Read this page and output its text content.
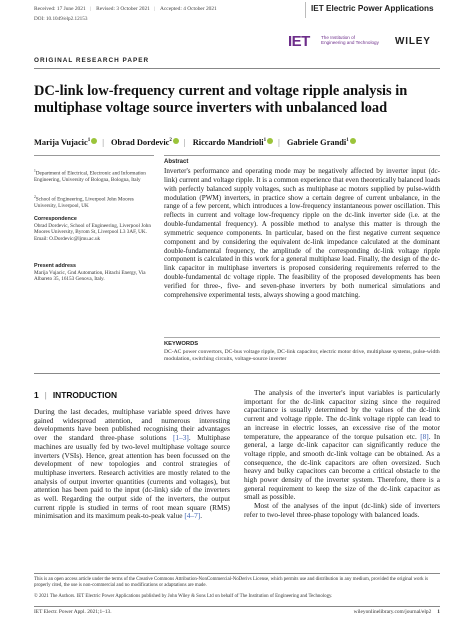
Received: 17 June 2021 | Revised: 3 October 2021 | Accepted: 4 October 2021
DOI: 10.1049/elp2.12153
IET Electric Power Applications
IET The Institution of
Engineering and Technology WILEY
ORIGINAL RESEARCH PAPER
DC-link low-frequency current and voltage ripple analysis in multiphase voltage source inverters with unbalanced load
Marija Vujacic$^1$ | Obrad Dordevic$^2$ | Riccardo Mandrioli$^1$ | Gabriele Grandi$^1$
$^1$Department of Electrical, Electronic and Information Engineering, University of Bologna, Bologna, Italy
$^2$School of Engineering, Liverpool John Moores University, Liverpool, UK
Correspondence
Obrad Dordevic, School of Engineering, Liverpool John Moores University, Byrom St, Liverpool L3 3AF, UK.
Email: O.Dordevic@ljmu.ac.uk
Present address
Marija Vujacic, Gnd Automation, Hitachi Energy, Via Albareto 35, 16153 Genova, Italy.
Abstract
Inverter's performance and operating mode may be negatively affected by inverter input (dc-link) current and voltage ripple. It is a common experience that even theoretically balanced loads with perfectly balanced supply voltages, such as multiphase ac motors supplied by pulse-width modulation (PWM) inverters, in practice show a certain degree of current unbalance, in the range of a few percent, which introduces a low-frequency instantaneous power oscillation. This reflects in current and voltage low-frequency ripple on the dc-link inverter side (i.e. at the double-fundamental frequency). A possible method to analyse this matter is through the symmetric sequence components. In particular, based on the first negative current sequence component and by considering the equivalent dc-link impedance calculated at the dominant double-fundamental frequency, the amplitude of the corresponding dc-link voltage ripple component is calculated in this work for a general multiphase load. Finally, the design of the dc-link capacitor in multiphase inverters is proposed considering requirements referred to the double-fundamental dc voltage ripple. The feasibility of the proposed developments has been verified for three-, five- and seven-phase inverters by both numerical simulations and comprehensive experimental tests, always showing a good matching.
KEYWORDS
DC-AC power convertors, DC-bus voltage ripple, DC-link capacitor, electric motor drive, multiphase systems, pulse-width modulation, switching circuits, voltage-source inverter
1 | INTRODUCTION

During the last decades, multiphase variable speed drives have gained widespread attention, and numerous interesting developments have been published recognising their advantages over the standard three-phase solutions [1–3]. Multiphase machines are usually fed by two-level multiphase voltage source inverters (VSIs). Hence, great attention has been focussed on the development of new topologies and control strategies of multiphase inverters. Research activities are mostly related to the analysis of output inverter quantities (currents and voltages), but attention has been paid to the input (dc-link) side of the inverters as well. Regarding the output side of the inverters, the output current ripple is studied in terms of root mean square (RMS) minimisation and its maximum peak-to-peak value [4–7].

The analysis of the inverter's input variables is particularly important for the dc-link capacitor sizing since the required capacitance is usually determined by the values of the dc-link current and voltage ripple. The dc-link voltage ripple can lead to an increase in electric losses, an excessive rise of the motor temperature, the appearance of the torque pulsation etc. [8]. In general, a large dc-link capacitor can significantly reduce the voltage ripple, and smooth dc-link voltage can be obtained. As a consequence, the dc-link capacitors are often oversized. Such heavy and bulky capacitors can become a critical obstacle to the high power density of the inverter system. Therefore, there is a general requirement to keep the size of the dc-link capacitor as small as possible.

Most of the analyses of the input (dc-link) side of inverters refer to two-level three-phase topology with balanced loads.

This is an open access article under the terms of the Creative Commons Attribution-NonCommercial-NoDerivs License, which permits use and distribution in any medium, provided the original work is properly cited, the use is non-commercial and no modifications or adaptations are made.
© 2021 The Authors. IET Electric Power Applications published by John Wiley & Sons Ltd on behalf of The Institution of Engineering and Technology.
IET Electr. Power Appl. 2021;1–13.	wileyonlinelibrary.com/journal/elp2 1
